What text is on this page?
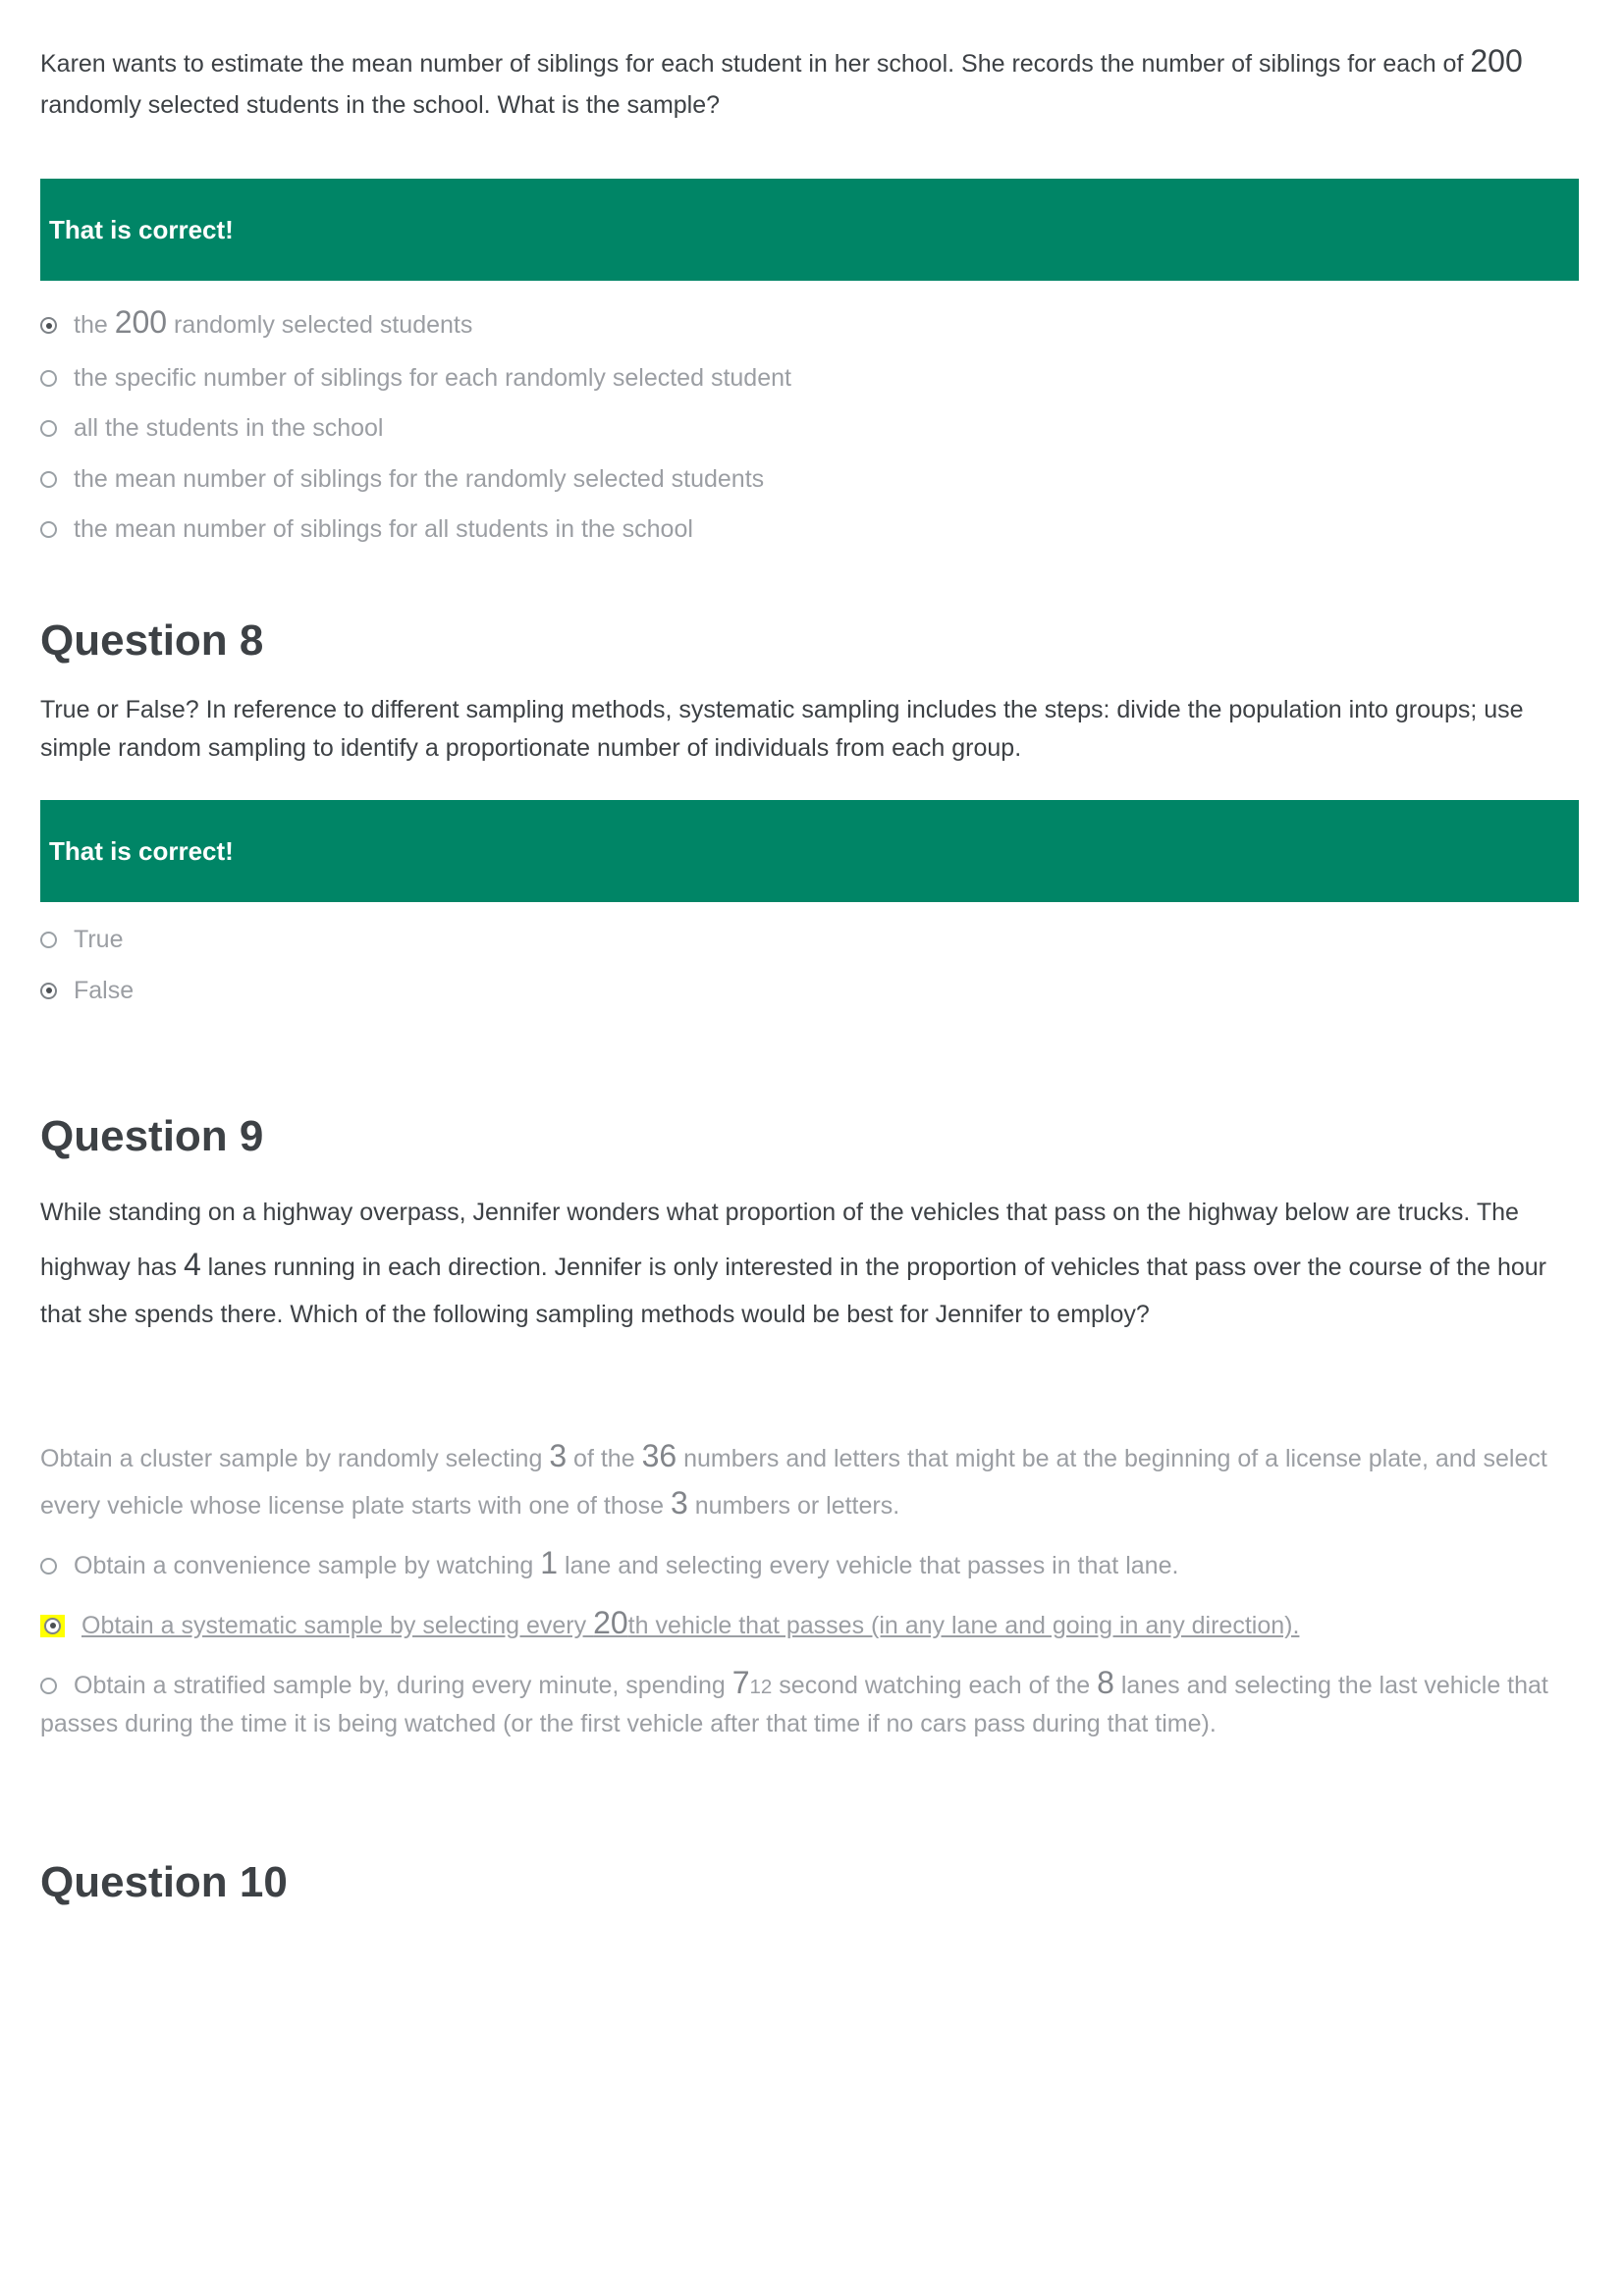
Karen wants to estimate the mean number of siblings for each student in her school. She records the number of siblings for each of 200 randomly selected students in the school. What is the sample?

That is correct!
the 200 randomly selected students
the specific number of siblings for each randomly selected student
all the students in the school
the mean number of siblings for the randomly selected students
the mean number of siblings for all students in the school
Question 8

True or False? In reference to different sampling methods, systematic sampling includes the steps: divide the population into groups; use simple random sampling to identify a proportionate number of individuals from each group.

That is correct!
True
False
Question 9

While standing on a highway overpass, Jennifer wonders what proportion of the vehicles that pass on the highway below are trucks. The highway has 4 lanes running in each direction. Jennifer is only interested in the proportion of vehicles that pass over the course of the hour that she spends there. Which of the following sampling methods would be best for Jennifer to employ?

Obtain a cluster sample by randomly selecting 3 of the 36 numbers and letters that might be at the beginning of a license plate, and select every vehicle whose license plate starts with one of those 3 numbers or letters.

Obtain a convenience sample by watching 1 lane and selecting every vehicle that passes in that lane.

Obtain a systematic sample by selecting every 20th vehicle that passes (in any lane and going in any direction).

Obtain a stratified sample by, during every minute, spending 712 second watching each of the 8 lanes and selecting the last vehicle that passes during the time it is being watched (or the first vehicle after that time if no cars pass during that time).

Question 10
